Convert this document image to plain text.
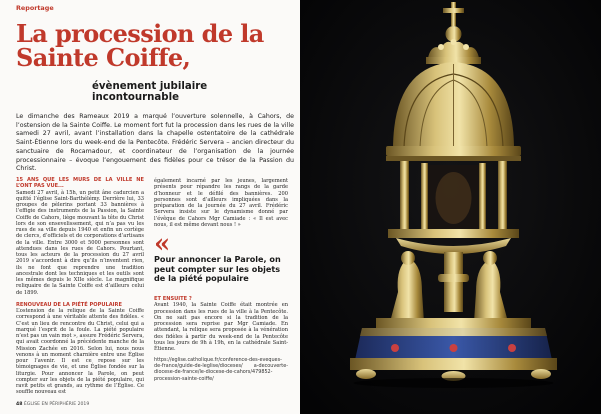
Reportage
La procession de la Sainte Coiffe,
évènement jubilaire incontournable
Le dimanche des Rameaux 2019 a marqué l’ouverture solennelle, à Cahors, de l’ostension de la Sainte Coiffe. Le moment fort fut la procession dans les rues de la ville samedi 27 avril, avant l’installation dans la chapelle ostentatoire de la cathédrale Saint-Étienne lors du week-end de la Pentecôte. Frédéric Servera – ancien directeur du sanctuaire de Rocamadour, et coordinateur de l’organisation de la journée processionnaire – évoque l’engouement des fidèles pour ce trésor de la Passion du Christ.
15 ANS QUE LES MURS DE LA VILLE NE L’ONT PAS VUE...
Samedi 27 avril, à 15h, un petit âne cadurcien a quitté l’église Saint-Barthélémy. Derrière lui, 33 groupes de pèlerins portant 33 bannières à l’effigie des instruments de la Passion, la Sainte Coiffe de Cahors, liège mouvant la tête du Christ lors de son ensevelissement, qui n’a pas vu les rues de sa ville depuis 1940 et enfin un cortège de clercs, d’officiels et de corporations d’artisans de la ville. Entre 3000 et 5000 personnes sont attendues dans les rues de Cahors. Pourtant, tous les acteurs de la procession du 27 avril 2019 s’accordent à dire qu’ils n’inventent rien, ils ne font que reprendre une tradition ancestrale dont les techniques et les outils sont les mêmes depuis le XIIe siècle. Le magnifique reliquaire de la Sainte Coiffe est d’ailleurs celui de 1899.
RENOUVEAU DE LA PIÉTÉ POPULAIRE
L’ostension de la relique de la Sainte Coiffe correspond à une véritable attente des fidèles. « C’est un lieu de rencontre du Christ, celui qui a marqué l’esprit de la foule. La piété populaire n’est pas un vain mot », assure Frédéric Servera, qui avait coordonné la précédente manche de la Mission Zachée en 2016. Selon lui, nous nous venons à un moment charnière entre une Église pour l’avenir. Il est ce repose sur les témoignages de vie, et une Église fondée sur la liturgie. Pour annoncer la Parole, on peut compter sur les objets de la piété populaire, qui ravit petits et grands, au rythme de l’Église. Ce souffle nouveau est
également incarné par les jeunes, largement présents pour répandre les rangs de la garde d’honneur et le défilé des bannières. 200 personnes sont d’ailleurs impliquées dans la préparation de la journée du 27 avril. Frédéric Servera insiste sur le dynamisme donné par l’évêque de Cahors Mgr Camiade : « Il est avec nous, il est même devant nous ! »
«
Pour annoncer la Parole, on peut compter sur les objets de la piété populaire
ET ENSUITE ?
Avant 1940, la Sainte Coiffe était montrée en procession dans les rues de la ville à la Pentecôte. On ne sait pas encore si la tradition de la procession sera reprise par Mgr Camiade. En attendant, la relique sera proposée à la vénération des fidèles à partir du week-end de la Pentecôte tous les jours de 9h à 19h, en la cathédrale Saint-Étienne.
https://eglise.catholique.fr/conference-des-eveques-de-france/guide-de-leglise/dioceses/ a-decouverte-diocese-de-france/le-diocese-de-cahors/479852-procession-sainte-coiffe/
48 ÉGLISE EN PÉRIPHÉRIE 2019
